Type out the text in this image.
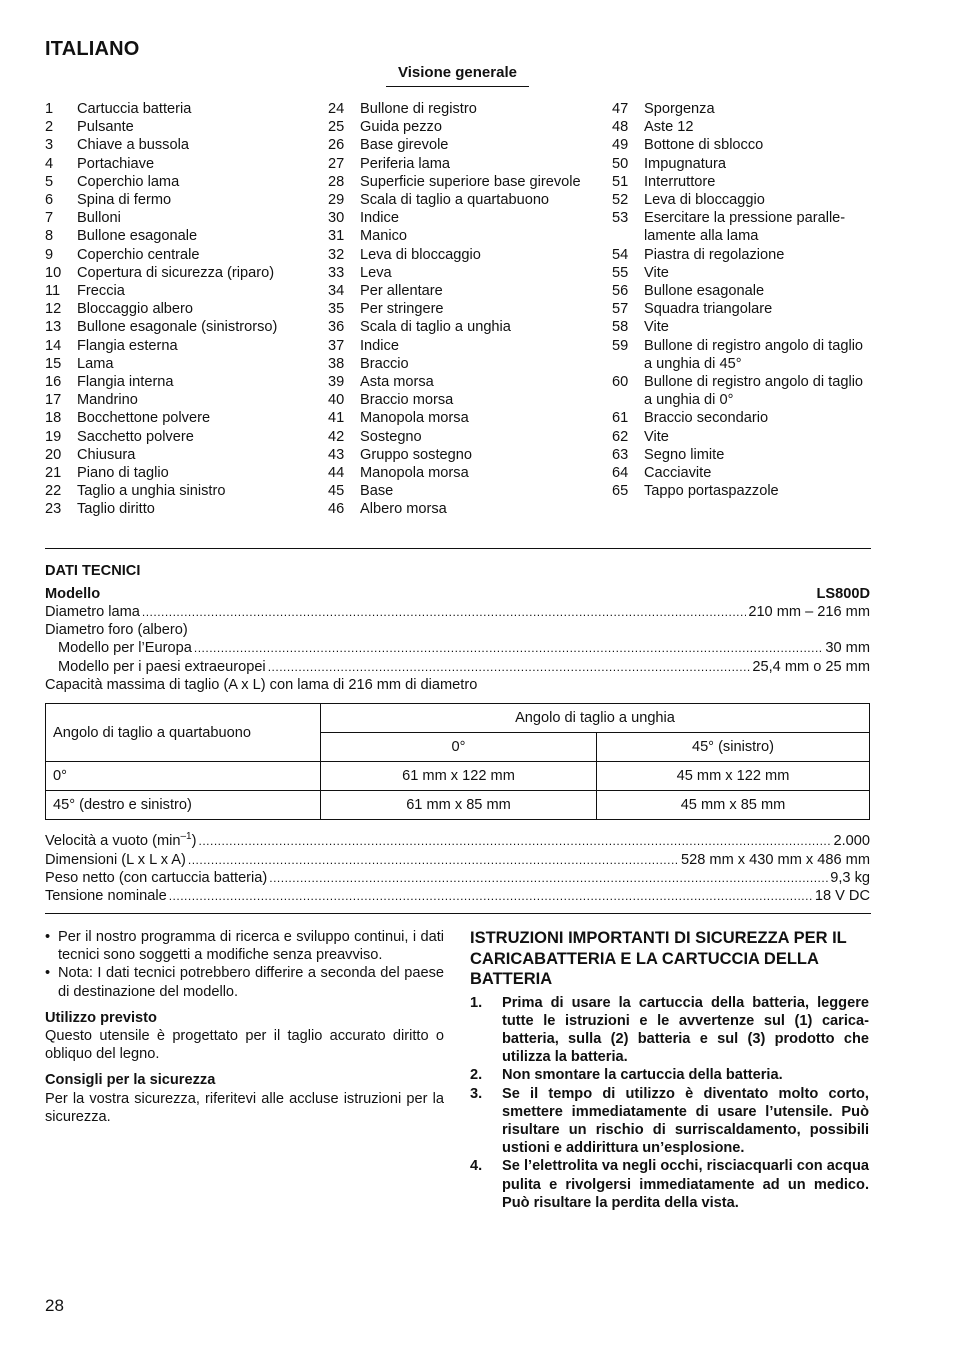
ITALIANO
Visione generale
1	Cartuccia batteria
2	Pulsante
3	Chiave a bussola
4	Portachiave
5	Coperchio lama
6	Spina di fermo
7	Bulloni
8	Bullone esagonale
9	Coperchio centrale
10	Copertura di sicurezza (riparo)
11	Freccia
12	Bloccaggio albero
13	Bullone esagonale (sinistrorso)
14	Flangia esterna
15	Lama
16	Flangia interna
17	Mandrino
18	Bocchettone polvere
19	Sacchetto polvere
20	Chiusura
21	Piano di taglio
22	Taglio a unghia sinistro
23	Taglio diritto
24	Bullone di registro
25	Guida pezzo
26	Base girevole
27	Periferia lama
28	Superficie superiore base girevole
29	Scala di taglio a quartabuono
30	Indice
31	Manico
32	Leva di bloccaggio
33	Leva
34	Per allentare
35	Per stringere
36	Scala di taglio a unghia
37	Indice
38	Braccio
39	Asta morsa
40	Braccio morsa
41	Manopola morsa
42	Sostegno
43	Gruppo sostegno
44	Manopola morsa
45	Base
46	Albero morsa
47	Sporgenza
48	Aste 12
49	Bottone di sblocco
50	Impugnatura
51	Interruttore
52	Leva di bloccaggio
53	Esercitare la pressione paralle-lamente alla lama
54	Piastra di regolazione
55	Vite
56	Bullone esagonale
57	Squadra triangolare
58	Vite
59	Bullone di registro angolo di taglio a unghia di 45°
60	Bullone di registro angolo di taglio a unghia di 0°
61	Braccio secondario
62	Vite
63	Segno limite
64	Cacciavite
65	Tappo portaspazzole
DATI TECNICI
Modello	LS800D
Diametro lama .....	210 mm – 216 mm
Diametro foro (albero)
Modello per l’Europa .....	30 mm
Modello per i paesi extraeuropei .....	25,4 mm o 25 mm
Capacità massima di taglio (A x L) con lama di 216 mm di diametro
Angolo di taglio a quartabuono	Angolo di taglio a unghia	
	0°	45° (sinistro)
0°	61 mm x 122 mm	45 mm x 122 mm
45° (destro e sinistro)	61 mm x 85 mm	45 mm x 85 mm
Velocità a vuoto $(\min^{-1})$ .....	2.000
Dimensioni (L x L x A) .....	528 mm x 430 mm x 486 mm
Peso netto (con cartuccia batteria) .....	9,3 kg
Tensione nominale .....	18 V DC
• Per il nostro programma di ricerca e sviluppo continui, i dati tecnici sono soggetti a modifiche senza preavviso.
• Nota: I dati tecnici potrebbero differire a seconda del paese di destinazione del modello.
Utilizzo previsto
Questo utensile è progettato per il taglio accurato diritto o obliquo del legno.
Consigli per la sicurezza
Per la vostra sicurezza, riferitevi alle accluse istruzioni per la sicurezza.
ISTRUZIONI IMPORTANTI DI SICUREZZA PER IL CARICABATTERIA E LA CARTUCCIA DELLA BATTERIA
1.	Prima di usare la cartuccia della batteria, leggere tutte le istruzioni e le avvertenze sul (1) carica-batteria, sulla (2) batteria e sul (3) prodotto che utilizza la batteria.
2.	Non smontare la cartuccia della batteria.
3.	Se il tempo di utilizzo è diventato molto corto, smettere immediatamente di usare l’utensile. Può risultare un rischio di surriscaldamento, possibili ustioni e addirittura un’esplosione.
4.	Se l’elettrolita va negli occhi, risciacquarli con acqua pulita e rivolgersi immediatamente ad un medico. Può risultare la perdita della vista.
28
